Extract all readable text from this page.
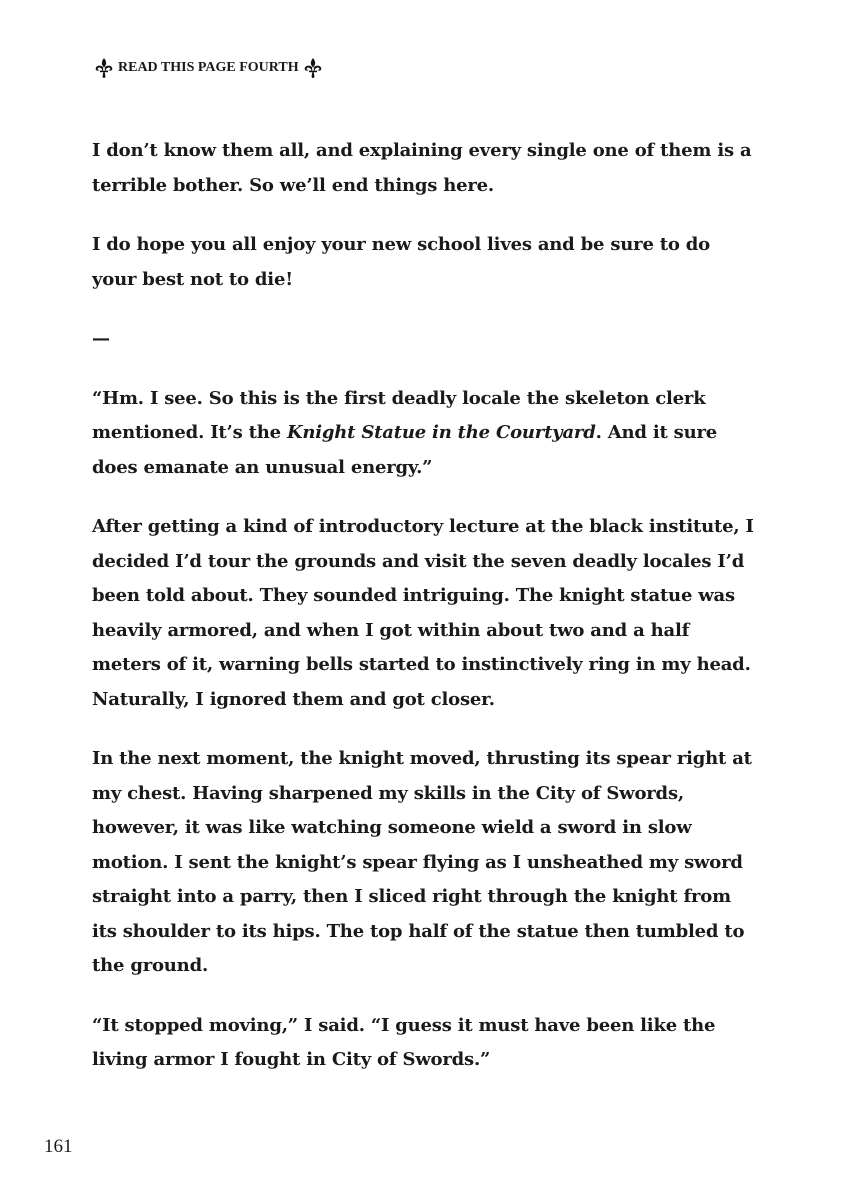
READ THIS PAGE FOURTH

I don’t know them all, and explaining every single one of them is a terrible bother. So we’ll end things here.

I do hope you all enjoy your new school lives and be sure to do your best not to die!

—

“Hm. I see. So this is the first deadly locale the skeleton clerk mentioned. It’s the Knight Statue in the Courtyard. And it sure does emanate an unusual energy.”

After getting a kind of introductory lecture at the black institute, I decided I’d tour the grounds and visit the seven deadly locales I’d been told about. They sounded intriguing. The knight statue was heavily armored, and when I got within about two and a half meters of it, warning bells started to instinctively ring in my head. Naturally, I ignored them and got closer.

In the next moment, the knight moved, thrusting its spear right at my chest. Having sharpened my skills in the City of Swords, however, it was like watching someone wield a sword in slow motion. I sent the knight’s spear flying as I unsheathed my sword straight into a parry, then I sliced right through the knight from its shoulder to its hips. The top half of the statue then tumbled to the ground.

“It stopped moving,” I said. “I guess it must have been like the living armor I fought in City of Swords.”

161
